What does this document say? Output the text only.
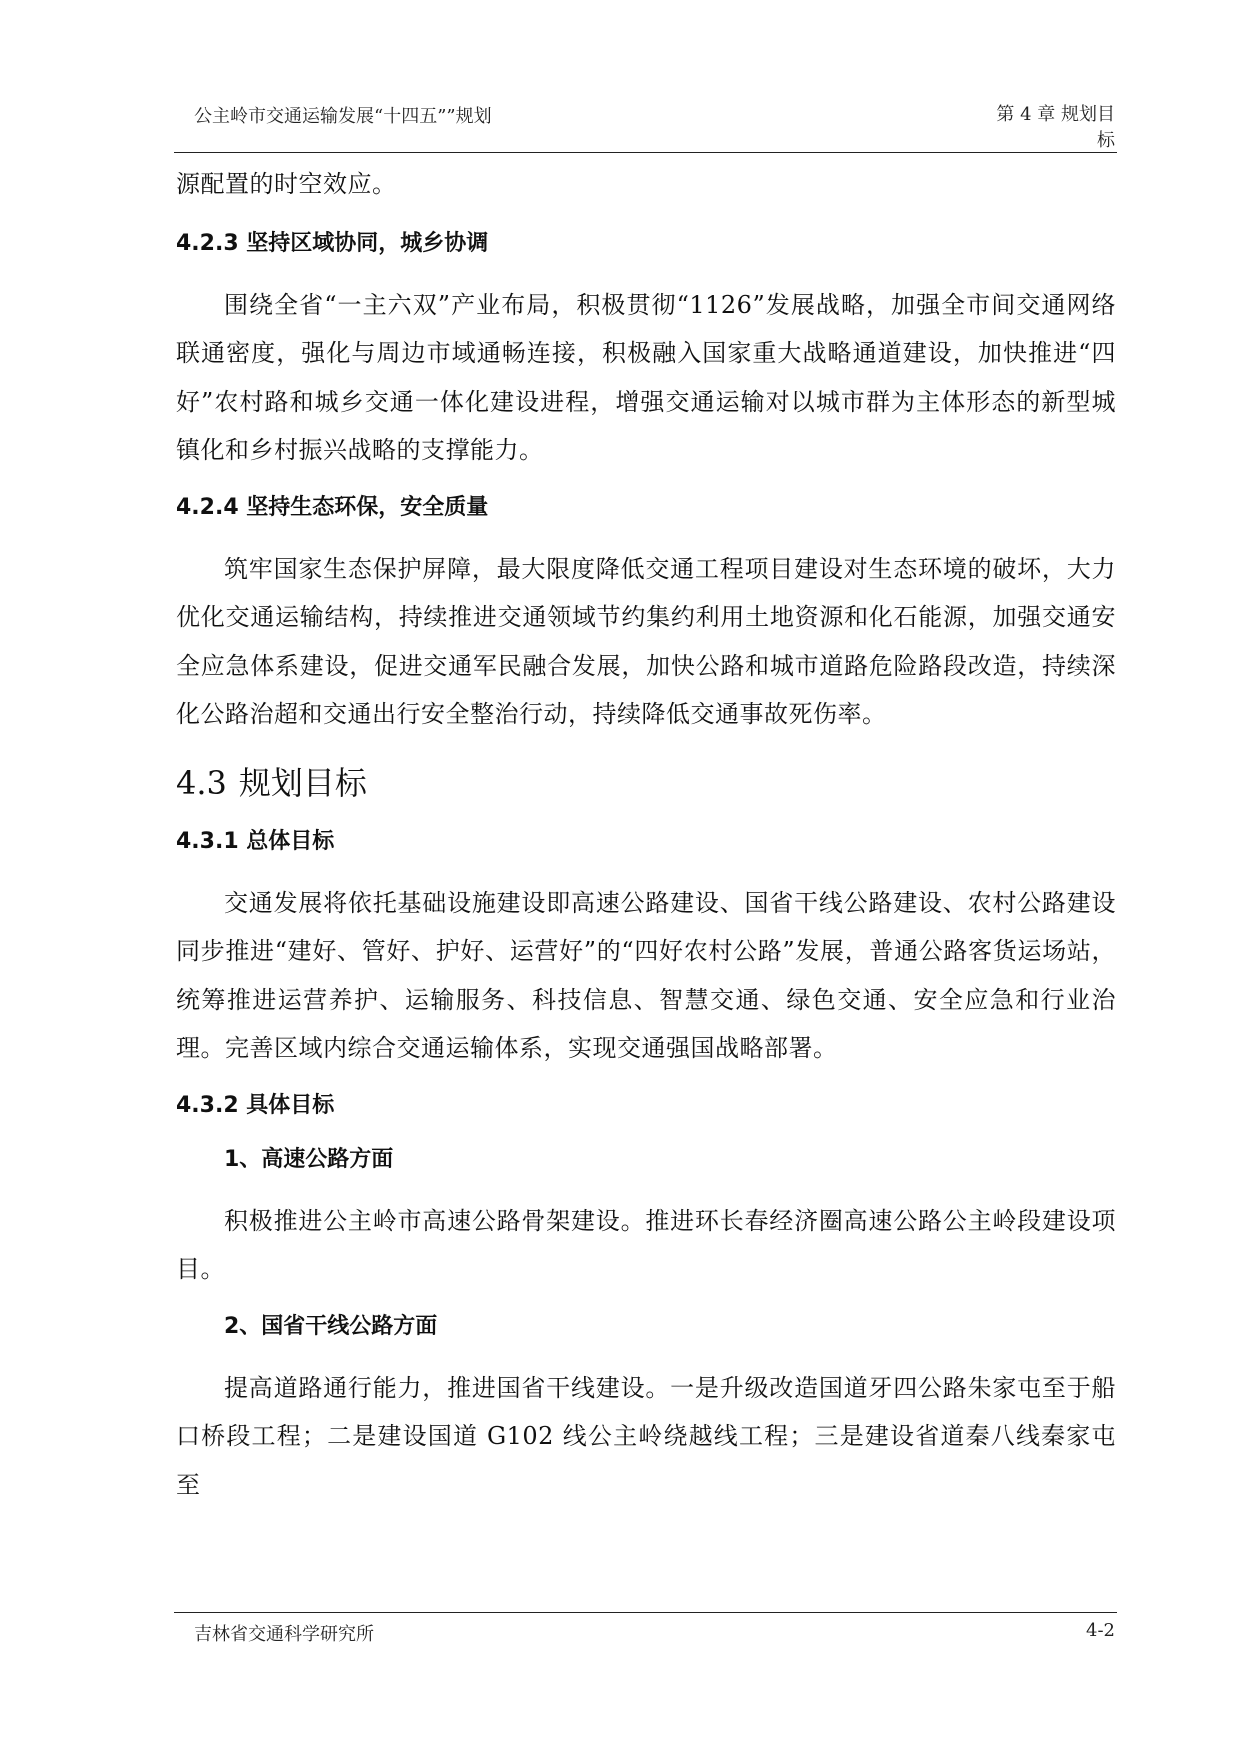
公主岭市交通运输发展“十四五””规划	第 4 章 规划目标

源配置的时空效应。

4.2.3 坚持区域协同，城乡协调

围绕全省“一主六双”产业布局，积极贯彻“1126”发展战略，加强全市间交通网络联通密度，强化与周边市域通畅连接，积极融入国家重大战略通道建设，加快推进“四好”农村路和城乡交通一体化建设进程，增强交通运输对以城市群为主体形态的新型城镇化和乡村振兴战略的支撑能力。

4.2.4 坚持生态环保，安全质量

筑牢国家生态保护屏障，最大限度降低交通工程项目建设对生态环境的破坏，大力优化交通运输结构，持续推进交通领域节约集约利用土地资源和化石能源，加强交通安全应急体系建设，促进交通军民融合发展，加快公路和城市道路危险路段改造，持续深化公路治超和交通出行安全整治行动，持续降低交通事故死伤率。

4.3 规划目标
4.3.1 总体目标

交通发展将依托基础设施建设即高速公路建设、国省干线公路建设、农村公路建设同步推进“建好、管好、护好、运营好”的“四好农村公路”发展，普通公路客货运场站，统筹推进运营养护、运输服务、科技信息、智慧交通、绿色交通、安全应急和行业治理。完善区域内综合交通运输体系，实现交通强国战略部署。

4.3.2 具体目标
1、高速公路方面

积极推进公主岭市高速公路骨架建设。推进环长春经济圈高速公路公主岭段建设项目。

2、国省干线公路方面

提高道路通行能力，推进国省干线建设。一是升级改造国道牙四公路朱家屯至于船口桥段工程；二是建设国道 G102 线公主岭绕越线工程；三是建设省道秦八线秦家屯至

吉林省交通科学研究所	4-2
